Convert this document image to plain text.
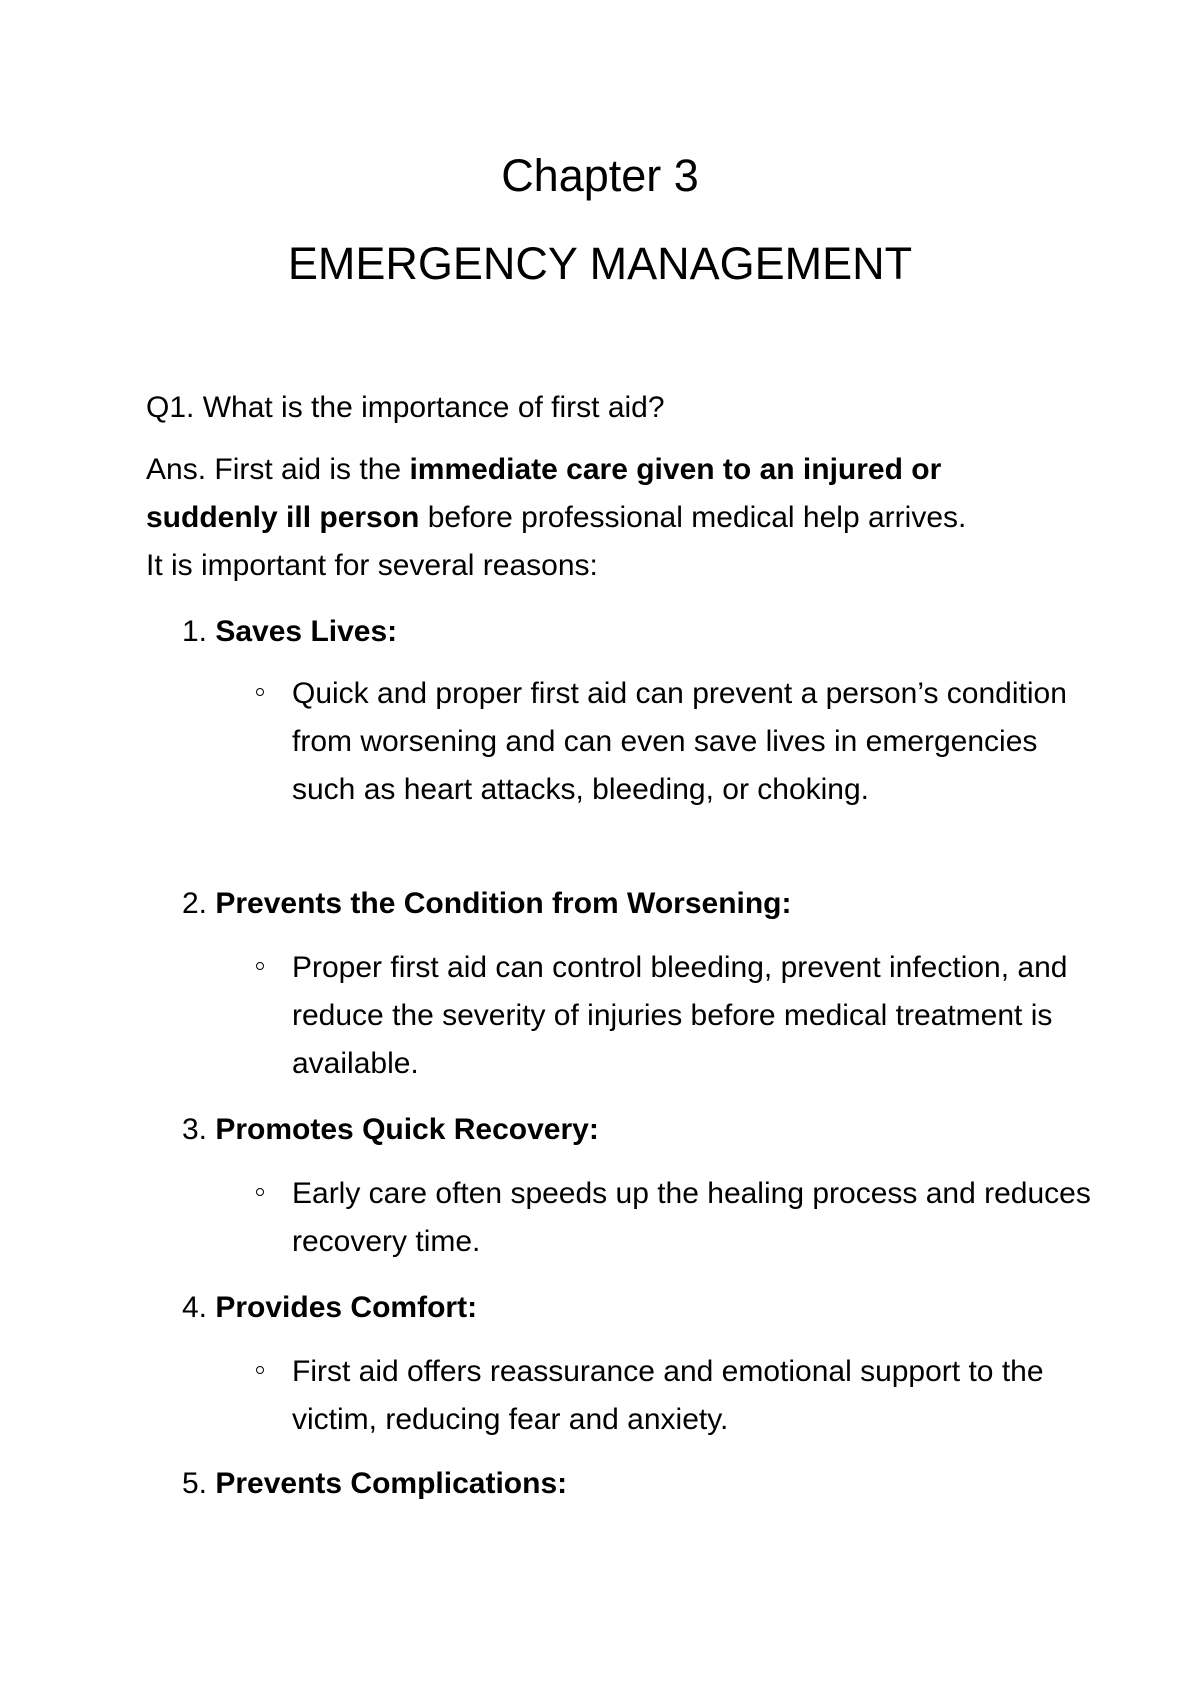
Chapter 3
EMERGENCY MANAGEMENT
Q1. What is the importance of first aid?

Ans. First aid is the immediate care given to an injured or
suddenly ill person before professional medical help arrives.
It is important for several reasons:

1. Saves Lives:
Quick and proper first aid can prevent a person’s condition from worsening and can even save lives in emergencies such as heart attacks, bleeding, or choking.
2. Prevents the Condition from Worsening:
Proper first aid can control bleeding, prevent infection, and reduce the severity of injuries before medical treatment is available.
3. Promotes Quick Recovery:
Early care often speeds up the healing process and reduces recovery time.
4. Provides Comfort:
First aid offers reassurance and emotional support to the victim, reducing fear and anxiety.
5. Prevents Complications:
